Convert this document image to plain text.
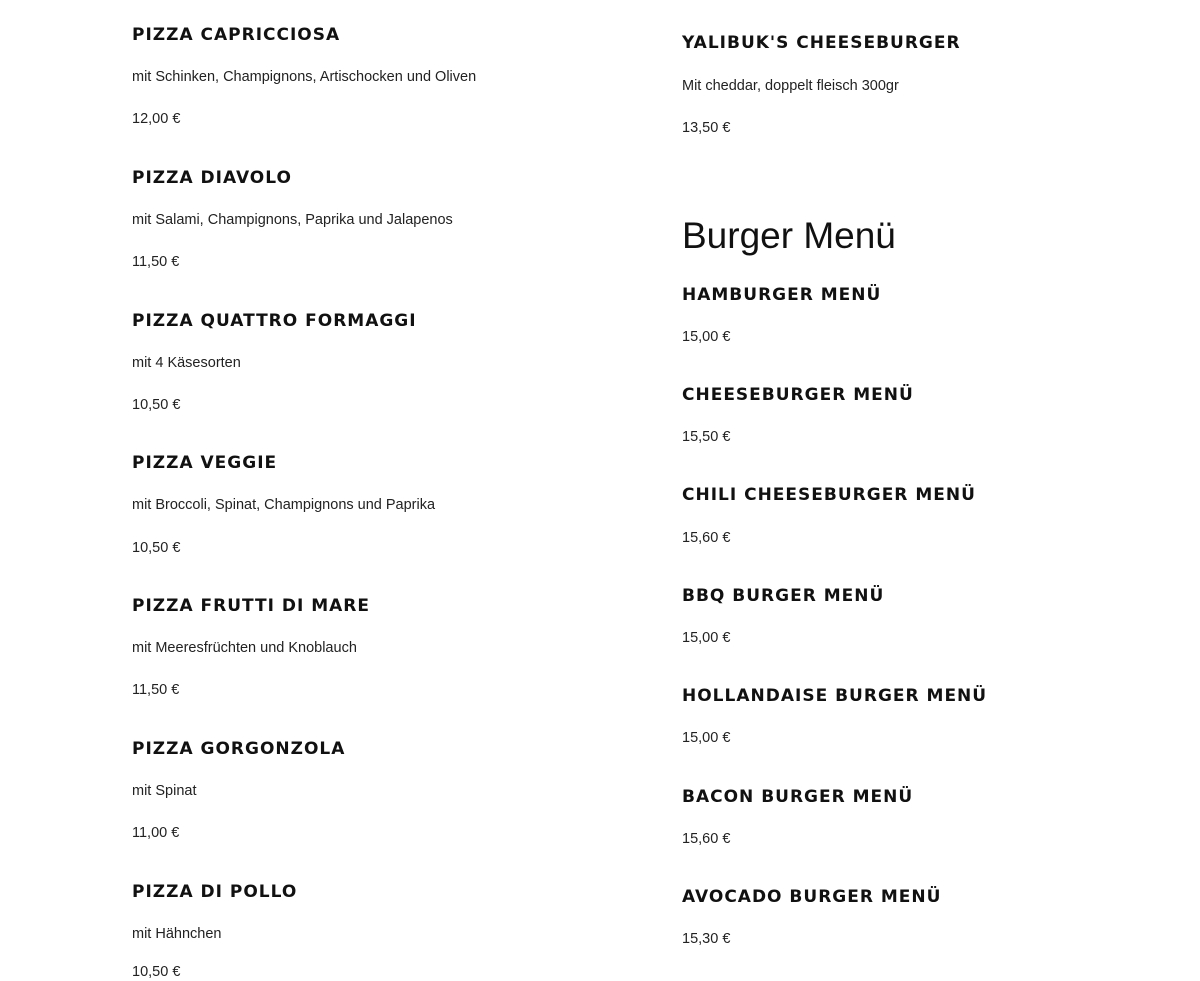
PIZZA CAPRICCIOSA
mit Schinken, Champignons, Artischocken und Oliven
12,00 €
PIZZA DIAVOLO
mit Salami, Champignons, Paprika und Jalapenos
11,50 €
PIZZA QUATTRO FORMAGGI
mit 4 Käsesorten
10,50 €
PIZZA VEGGIE
mit Broccoli, Spinat, Champignons und Paprika
10,50 €
PIZZA FRUTTI DI MARE
mit Meeresfrüchten und Knoblauch
11,50 €
PIZZA GORGONZOLA
mit Spinat
11,00 €
PIZZA DI POLLO
mit Hähnchen
10,50 €
YALIBUK'S CHEESEBURGER
Mit cheddar, doppelt fleisch 300gr
13,50 €
Burger Menü
HAMBURGER MENÜ
15,00 €
CHEESEBURGER MENÜ
15,50 €
CHILI CHEESEBURGER MENÜ
15,60 €
BBQ BURGER MENÜ
15,00 €
HOLLANDAISE BURGER MENÜ
15,00 €
BACON BURGER MENÜ
15,60 €
AVOCADO BURGER MENÜ
15,30 €
